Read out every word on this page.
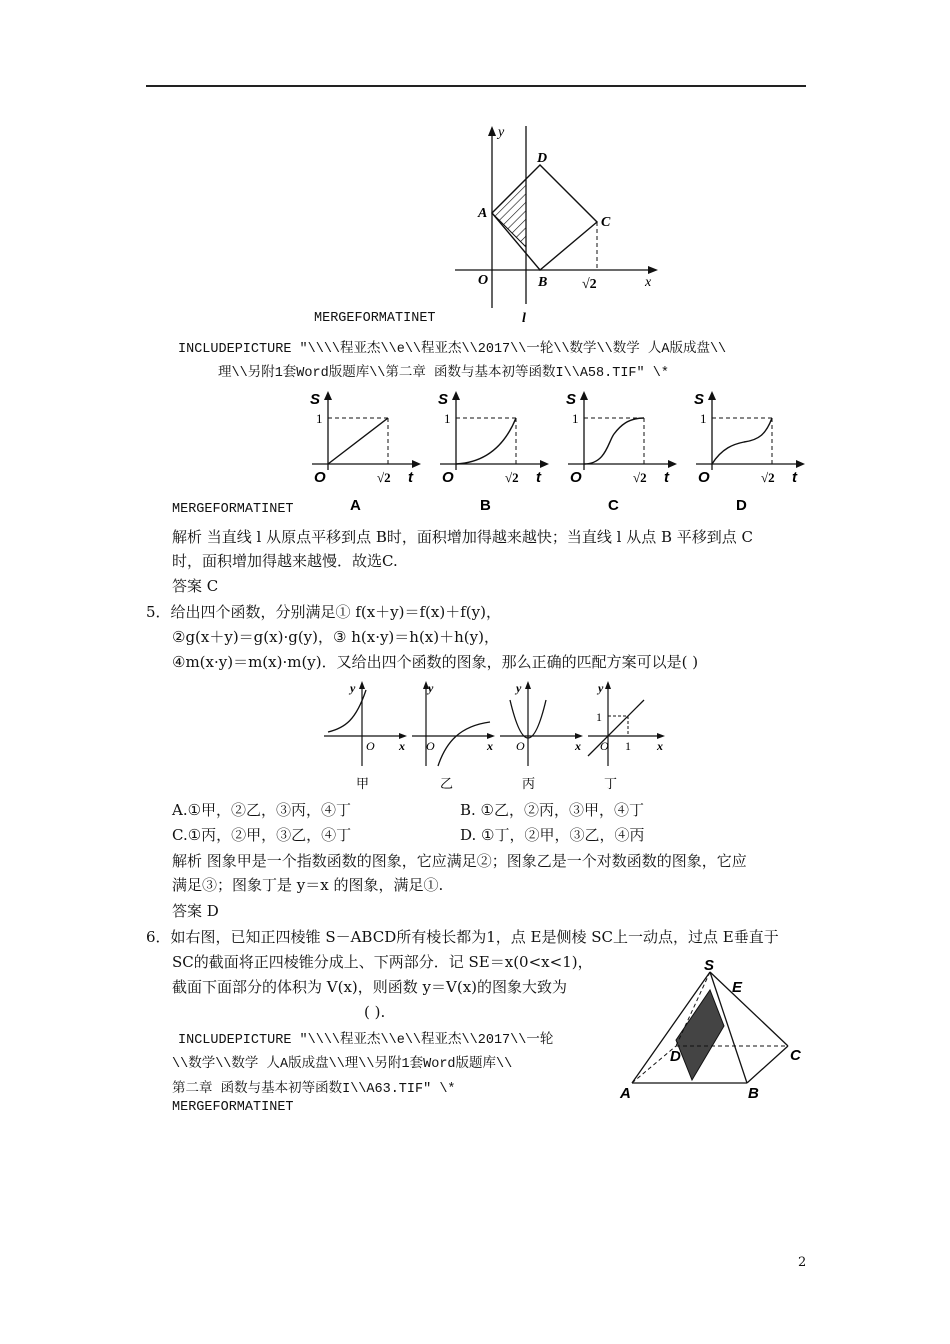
y
x
l
O
A
B
C
D
√2
MERGEFORMATINET
INCLUDEPICTURE "\\\\程亚杰\\e\\程亚杰\\2017\\一轮\\数学\\数学 人A版成盘\\
理\\另附1套Word版题库\\第二章 函数与基本初等函数I\\A58.TIF" \*
S	S	S	S
1	1	1	1
O	O	O	O
√2	√2	√2	√2
t	t	t	t
A	B	C	D
MERGEFORMATINET
解析 当直线 l 从原点平移到点 B时，面积增加得越来越快；当直线 l 从点 B 平移到点 C
时，面积增加得越来越慢．故选C.
答案 C
5．给出四个函数，分别满足① f(x＋y)＝f(x)＋f(y)，
②g(x＋y)＝g(x)·g(y)，③ h(x·y)＝h(x)＋h(y)，
④m(x·y)＝m(x)·m(y)．又给出四个函数的图象，那么正确的匹配方案可以是( )
y	y	y	y
O	O	O	O
x	x	x	x
1
1
甲	乙	丙	丁
A.①甲，②乙，③丙，④丁	B. ①乙，②丙，③甲，④丁
C.①丙，②甲，③乙，④丁	D. ①丁，②甲，③乙，④丙
解析 图象甲是一个指数函数的图象，它应满足②；图象乙是一个对数函数的图象，它应
满足③；图象丁是 y＝x 的图象，满足①.
答案 D
6．如右图，已知正四棱锥 S－ABCD所有棱长都为1，点 E是侧棱 SC上一动点，过点 E垂直于
SC的截面将正四棱锥分成上、下两部分．记 SE＝x(0<x<1)，
截面下面部分的体积为 V(x)，则函数 y＝V(x)的图象大致为
( ).
INCLUDEPICTURE "\\\\程亚杰\\e\\程亚杰\\2017\\一轮
\\数学\\数学 人A版成盘\\理\\另附1套Word版题库\\
第二章 函数与基本初等函数I\\A63.TIF" \*
MERGEFORMATINET
S
E
D	C
A	B
2
